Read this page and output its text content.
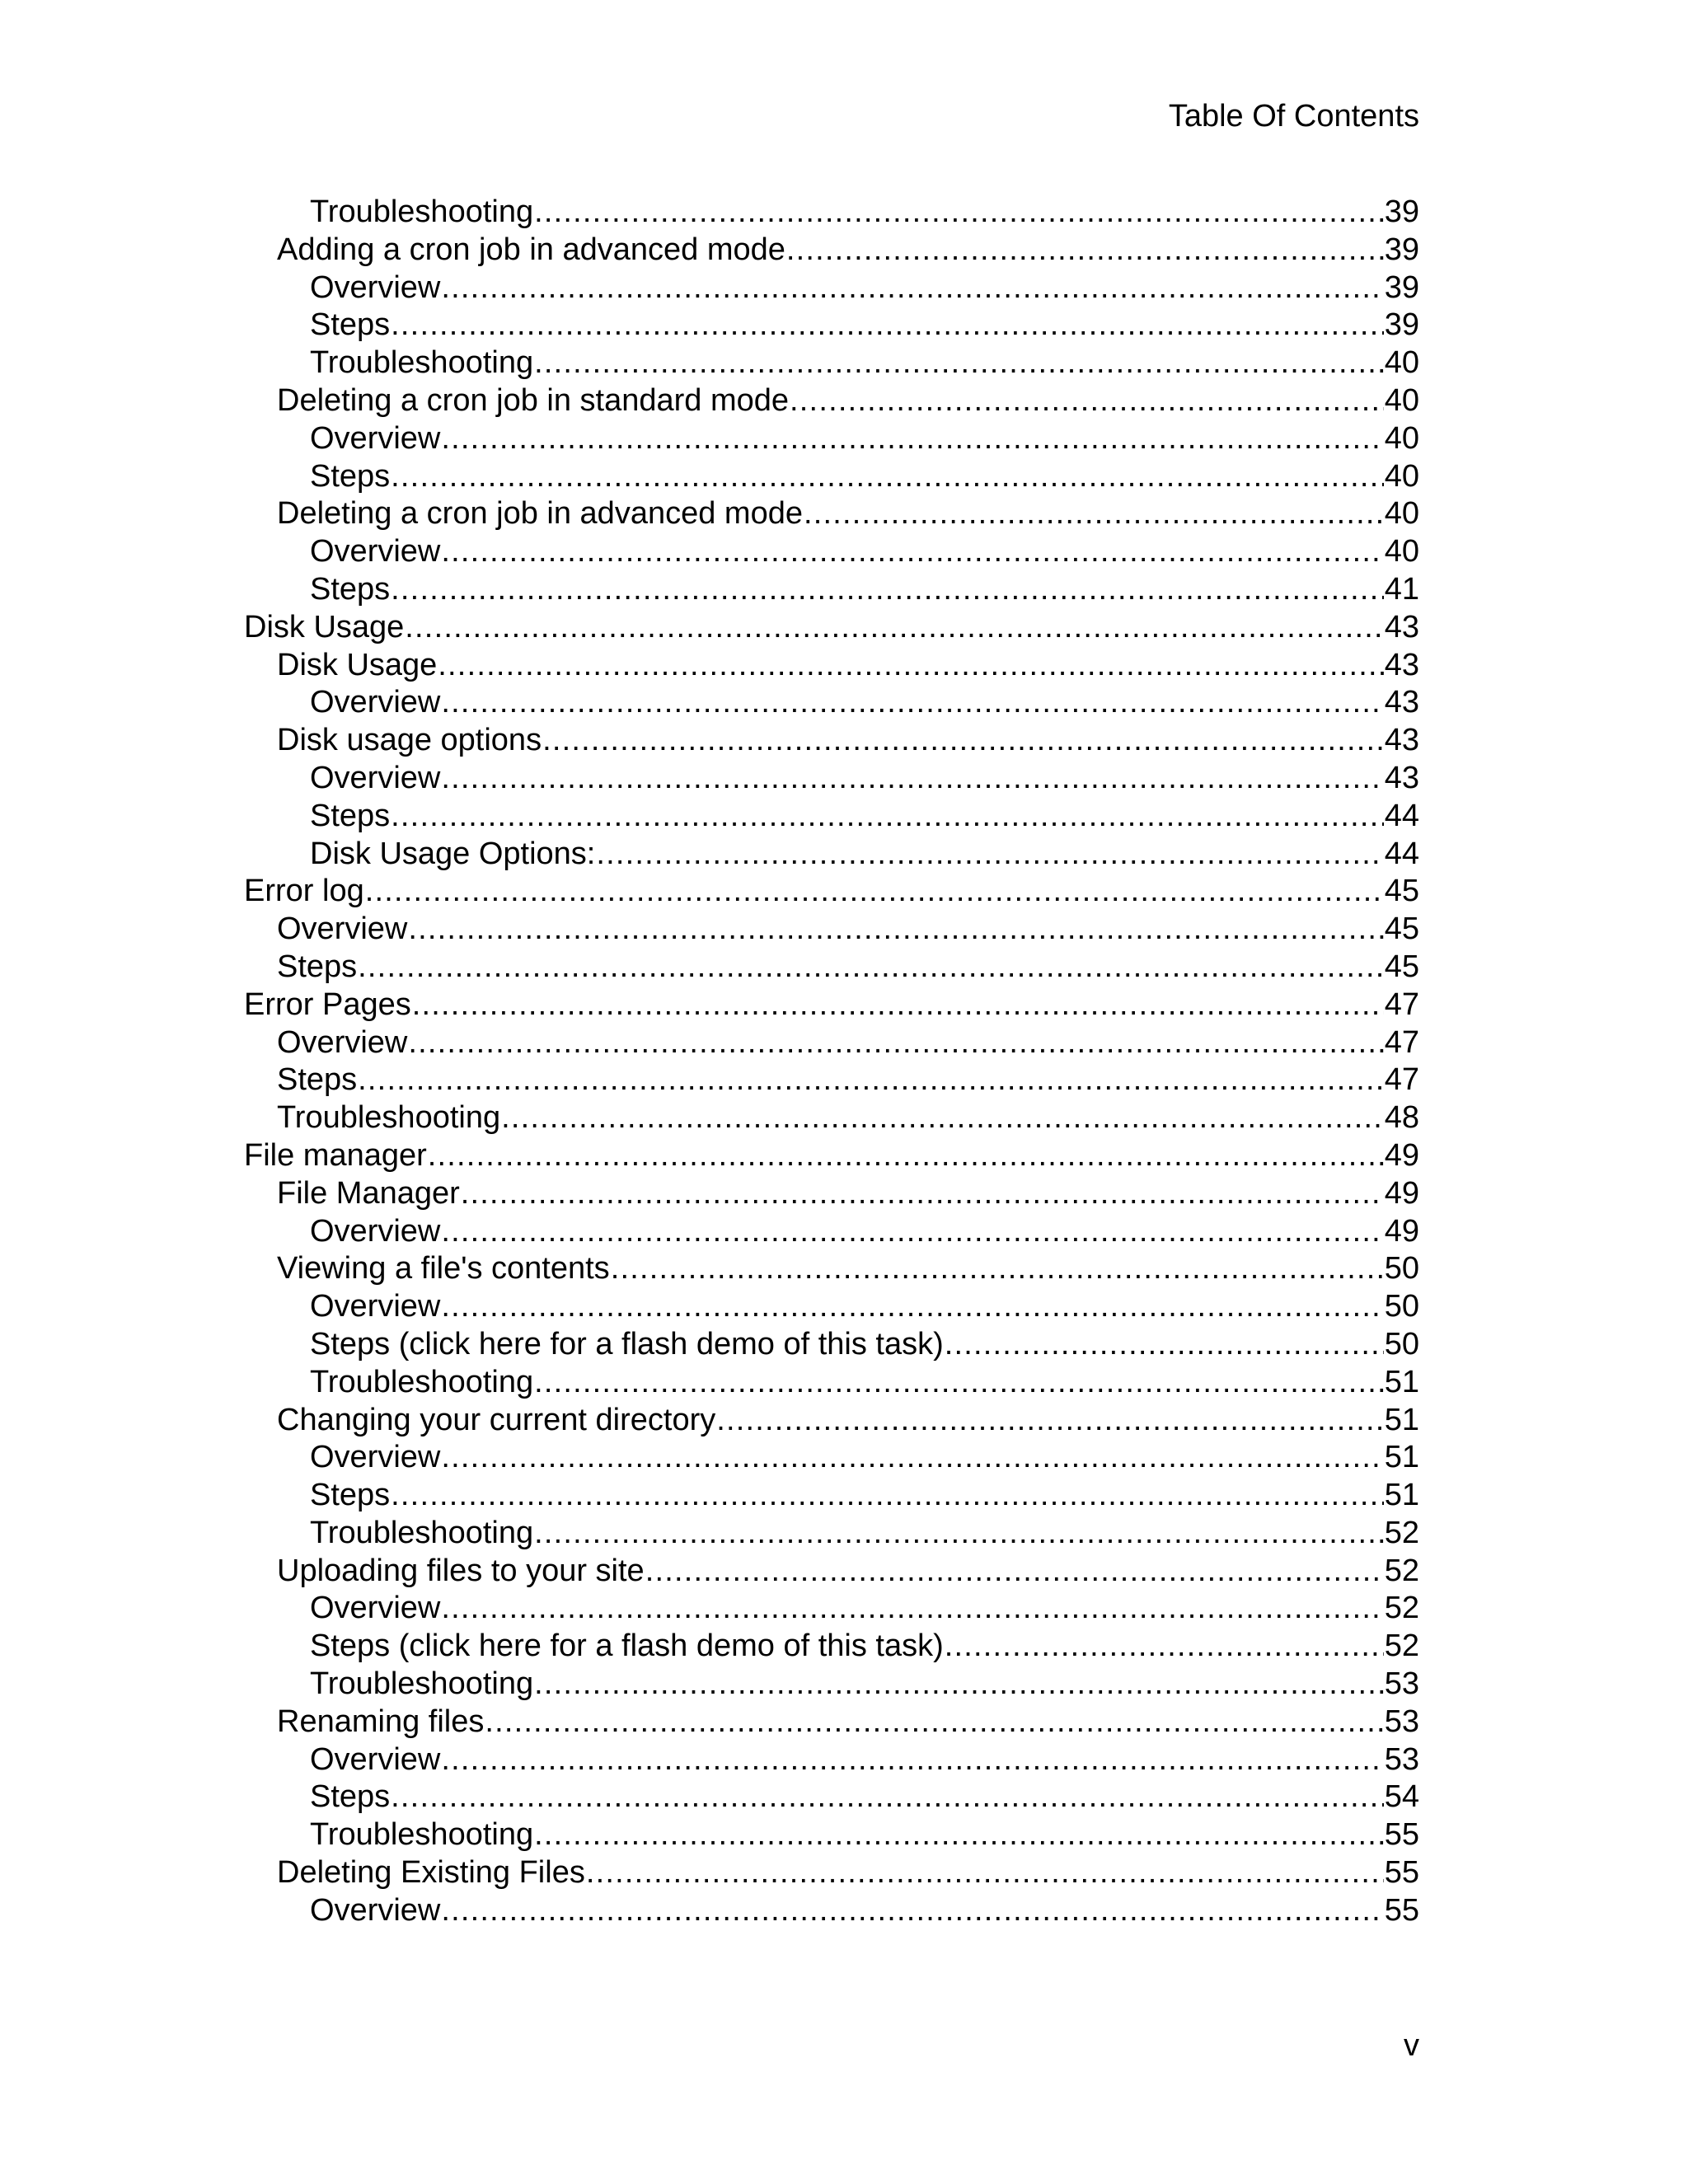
Table Of Contents
Troubleshooting .....	39
Adding a cron job in advanced mode .....	39
Overview .....	39
Steps .....	39
Troubleshooting .....	40
Deleting a cron job in standard mode .....	40
Overview .....	40
Steps .....	40
Deleting a cron job in advanced mode .....	40
Overview .....	40
Steps .....	41
Disk Usage .....	43
Disk Usage .....	43
Overview .....	43
Disk usage options .....	43
Overview .....	43
Steps .....	44
Disk Usage Options: .....	44
Error log .....	45
Overview .....	45
Steps .....	45
Error Pages .....	47
Overview .....	47
Steps .....	47
Troubleshooting .....	48
File manager .....	49
File Manager .....	49
Overview .....	49
Viewing a file's contents .....	50
Overview .....	50
Steps (click here for a flash demo of this task) .....	50
Troubleshooting .....	51
Changing your current directory .....	51
Overview .....	51
Steps .....	51
Troubleshooting .....	52
Uploading files to your site .....	52
Overview .....	52
Steps (click here for a flash demo of this task) .....	52
Troubleshooting .....	53
Renaming files .....	53
Overview .....	53
Steps .....	54
Troubleshooting .....	55
Deleting Existing Files .....	55
Overview .....	55
v
